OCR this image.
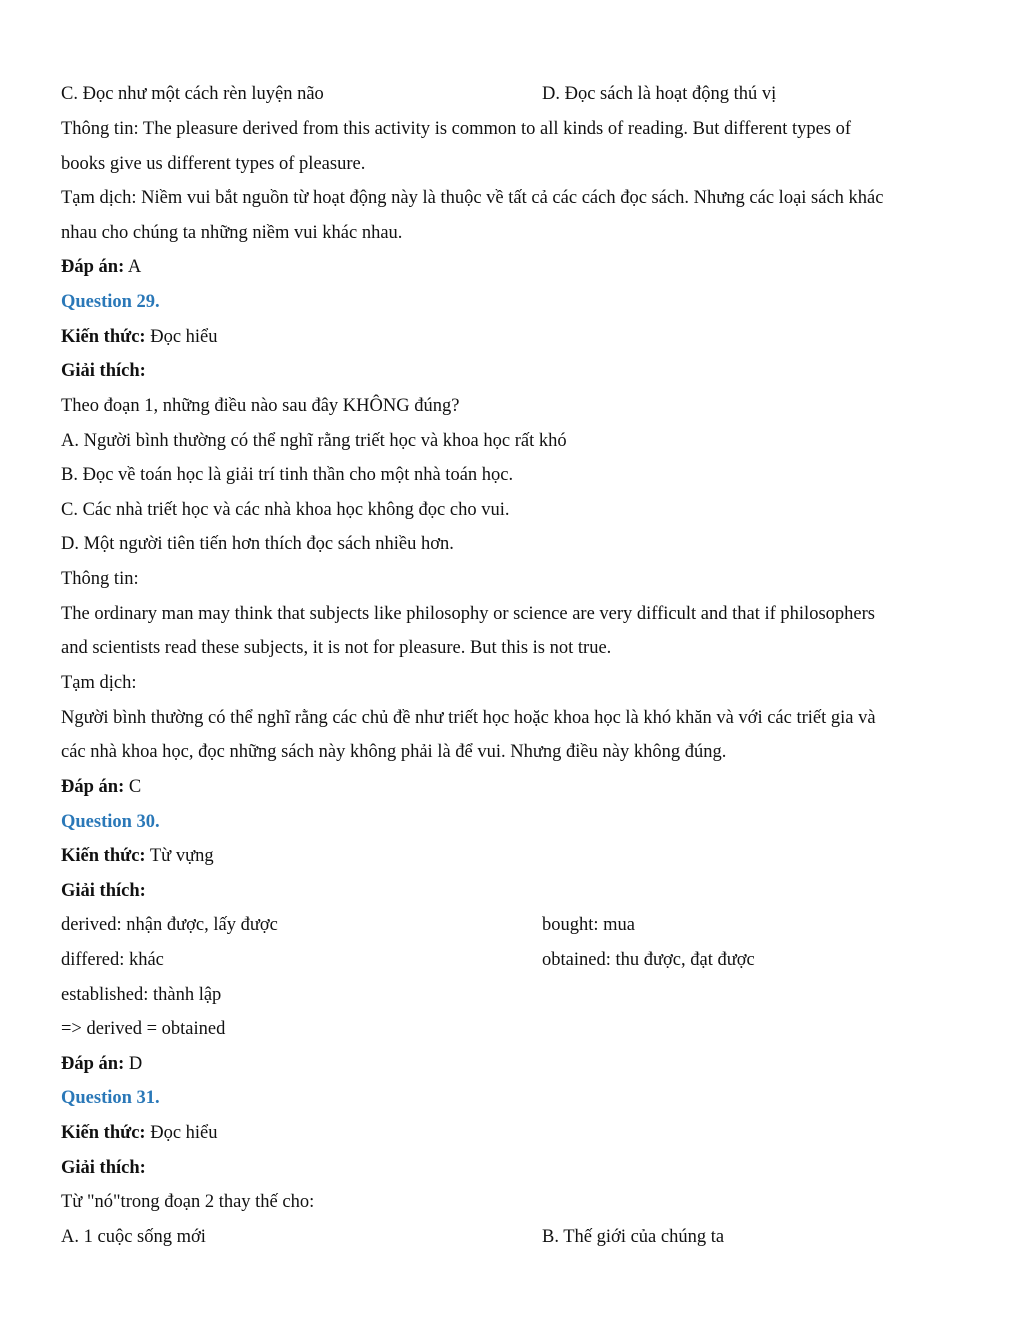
C. Đọc như một cách rèn luyện não	D. Đọc sách là hoạt động thú vị
Thông tin: The pleasure derived from this activity is common to all kinds of reading. But different types of
books give us different types of pleasure.
Tạm dịch: Niềm vui bắt nguồn từ hoạt động này là thuộc về tất cả các cách đọc sách. Nhưng các loại sách khác
nhau cho chúng ta những niềm vui khác nhau.
Đáp án: A
Question 29.
Kiến thức: Đọc hiểu
Giải thích:
Theo đoạn 1, những điều nào sau đây KHÔNG đúng?
A. Người bình thường có thể nghĩ rằng triết học và khoa học rất khó
B. Đọc về toán học là giải trí tinh thần cho một nhà toán học.
C. Các nhà triết học và các nhà khoa học không đọc cho vui.
D. Một người tiên tiến hơn thích đọc sách nhiều hơn.
Thông tin:
The ordinary man may think that subjects like philosophy or science are very difficult and that if philosophers
and scientists read these subjects, it is not for pleasure. But this is not true.
Tạm dịch:
Người bình thường có thể nghĩ rằng các chủ đề như triết học hoặc khoa học là khó khăn và với các triết gia và
các nhà khoa học, đọc những sách này không phải là để vui. Nhưng điều này không đúng.
Đáp án: C
Question 30.
Kiến thức: Từ vựng
Giải thích:
derived: nhận được, lấy được	bought: mua
differed: khác	obtained: thu được, đạt được
established: thành lập
=> derived = obtained
Đáp án: D
Question 31.
Kiến thức: Đọc hiểu
Giải thích:
Từ "nó"trong đoạn 2 thay thế cho:
A. 1 cuộc sống mới	B. Thế giới của chúng ta
